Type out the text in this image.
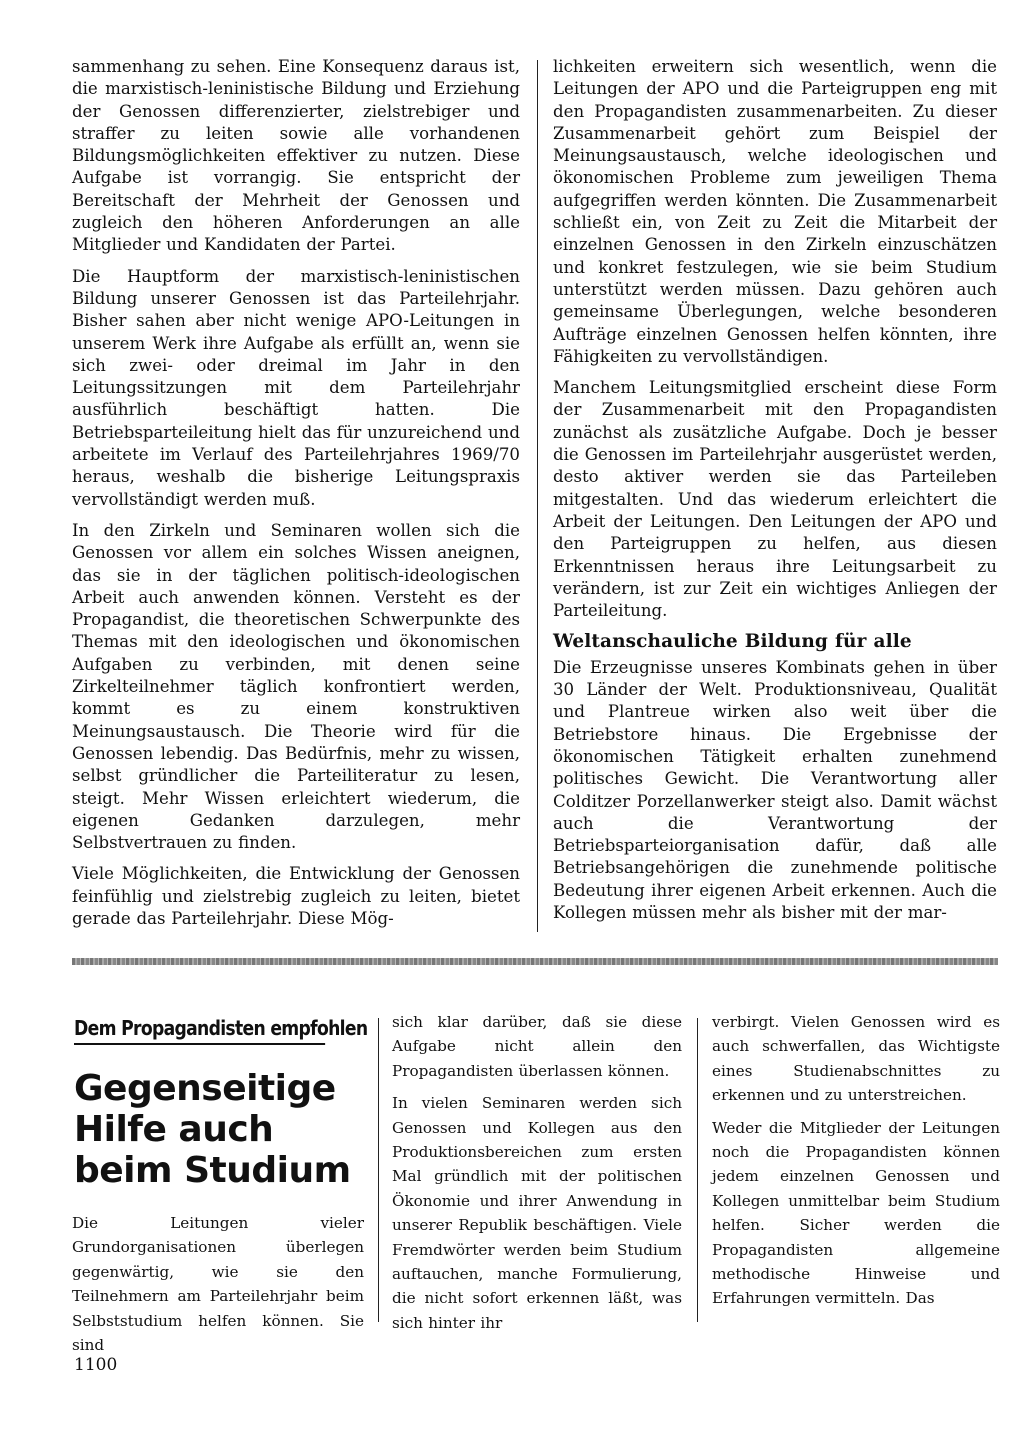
sammenhang zu sehen. Eine Konsequenz daraus ist, die marxistisch-leninistische Bildung und Erziehung der Genossen differenzierter, zielstrebiger und straffer zu leiten sowie alle vorhandenen Bildungsmöglichkeiten effektiver zu nutzen. Diese Aufgabe ist vorrangig. Sie entspricht der Bereitschaft der Mehrheit der Genossen und zugleich den höheren Anforderungen an alle Mitglieder und Kandidaten der Partei.

Die Hauptform der marxistisch-leninistischen Bildung unserer Genossen ist das Parteilehrjahr. Bisher sahen aber nicht wenige APO-Leitungen in unserem Werk ihre Aufgabe als erfüllt an, wenn sie sich zwei- oder dreimal im Jahr in den Leitungssitzungen mit dem Parteilehrjahr ausführlich beschäftigt hatten. Die Betriebsparteileitung hielt das für unzureichend und arbeitete im Verlauf des Parteilehrjahres 1969/70 heraus, weshalb die bisherige Leitungspraxis vervollständigt werden muß.

In den Zirkeln und Seminaren wollen sich die Genossen vor allem ein solches Wissen aneignen, das sie in der täglichen politisch-ideologischen Arbeit auch anwenden können. Versteht es der Propagandist, die theoretischen Schwerpunkte des Themas mit den ideologischen und ökonomischen Aufgaben zu verbinden, mit denen seine Zirkelteilnehmer täglich konfrontiert werden, kommt es zu einem konstruktiven Meinungsaustausch. Die Theorie wird für die Genossen lebendig. Das Bedürfnis, mehr zu wissen, selbst gründlicher die Parteiliteratur zu lesen, steigt. Mehr Wissen erleichtert wiederum, die eigenen Gedanken darzulegen, mehr Selbstvertrauen zu finden.

Viele Möglichkeiten, die Entwicklung der Genossen feinfühlig und zielstrebig zugleich zu leiten, bietet gerade das Parteilehrjahr. Diese Mög-

lichkeiten erweitern sich wesentlich, wenn die Leitungen der APO und die Parteigruppen eng mit den Propagandisten zusammenarbeiten. Zu dieser Zusammenarbeit gehört zum Beispiel der Meinungsaustausch, welche ideologischen und ökonomischen Probleme zum jeweiligen Thema aufgegriffen werden könnten. Die Zusammenarbeit schließt ein, von Zeit zu Zeit die Mitarbeit der einzelnen Genossen in den Zirkeln einzuschätzen und konkret festzulegen, wie sie beim Studium unterstützt werden müssen. Dazu gehören auch gemeinsame Überlegungen, welche besonderen Aufträge einzelnen Genossen helfen könnten, ihre Fähigkeiten zu vervollständigen.

Manchem Leitungsmitglied erscheint diese Form der Zusammenarbeit mit den Propagandisten zunächst als zusätzliche Aufgabe. Doch je besser die Genossen im Parteilehrjahr ausgerüstet werden, desto aktiver werden sie das Parteileben mitgestalten. Und das wiederum erleichtert die Arbeit der Leitungen. Den Leitungen der APO und den Parteigruppen zu helfen, aus diesen Erkenntnissen heraus ihre Leitungsarbeit zu verändern, ist zur Zeit ein wichtiges Anliegen der Parteileitung.

Weltanschauliche Bildung für alle

Die Erzeugnisse unseres Kombinats gehen in über 30 Länder der Welt. Produktionsniveau, Qualität und Plantreue wirken also weit über die Betriebstore hinaus. Die Ergebnisse der ökonomischen Tätigkeit erhalten zunehmend politisches Gewicht. Die Verantwortung aller Colditzer Porzellanwerker steigt also. Damit wächst auch die Verantwortung der Betriebsparteiorganisation dafür, daß alle Betriebsangehörigen die zunehmende politische Bedeutung ihrer eigenen Arbeit erkennen. Auch die Kollegen müssen mehr als bisher mit der mar-

Dem Propagandisten empfohlen
Gegenseitige
Hilfe auch
beim Studium

Die Leitungen vieler Grundorganisationen überlegen gegenwärtig, wie sie den Teilnehmern am Parteilehrjahr beim Selbststudium helfen können. Sie sind

sich klar darüber, daß sie diese Aufgabe nicht allein den Propagandisten überlassen können.

In vielen Seminaren werden sich Genossen und Kollegen aus den Produktionsbereichen zum ersten Mal gründlich mit der politischen Ökonomie und ihrer Anwendung in unserer Republik beschäftigen. Viele Fremdwörter werden beim Studium auftauchen, manche Formulierung, die nicht sofort erkennen läßt, was sich hinter ihr

verbirgt. Vielen Genossen wird es auch schwerfallen, das Wichtigste eines Studienabschnittes zu erkennen und zu unterstreichen.

Weder die Mitglieder der Leitungen noch die Propagandisten können jedem einzelnen Genossen und Kollegen unmittelbar beim Studium helfen. Sicher werden die Propagandisten allgemeine methodische Hinweise und Erfahrungen vermitteln. Das

1100
